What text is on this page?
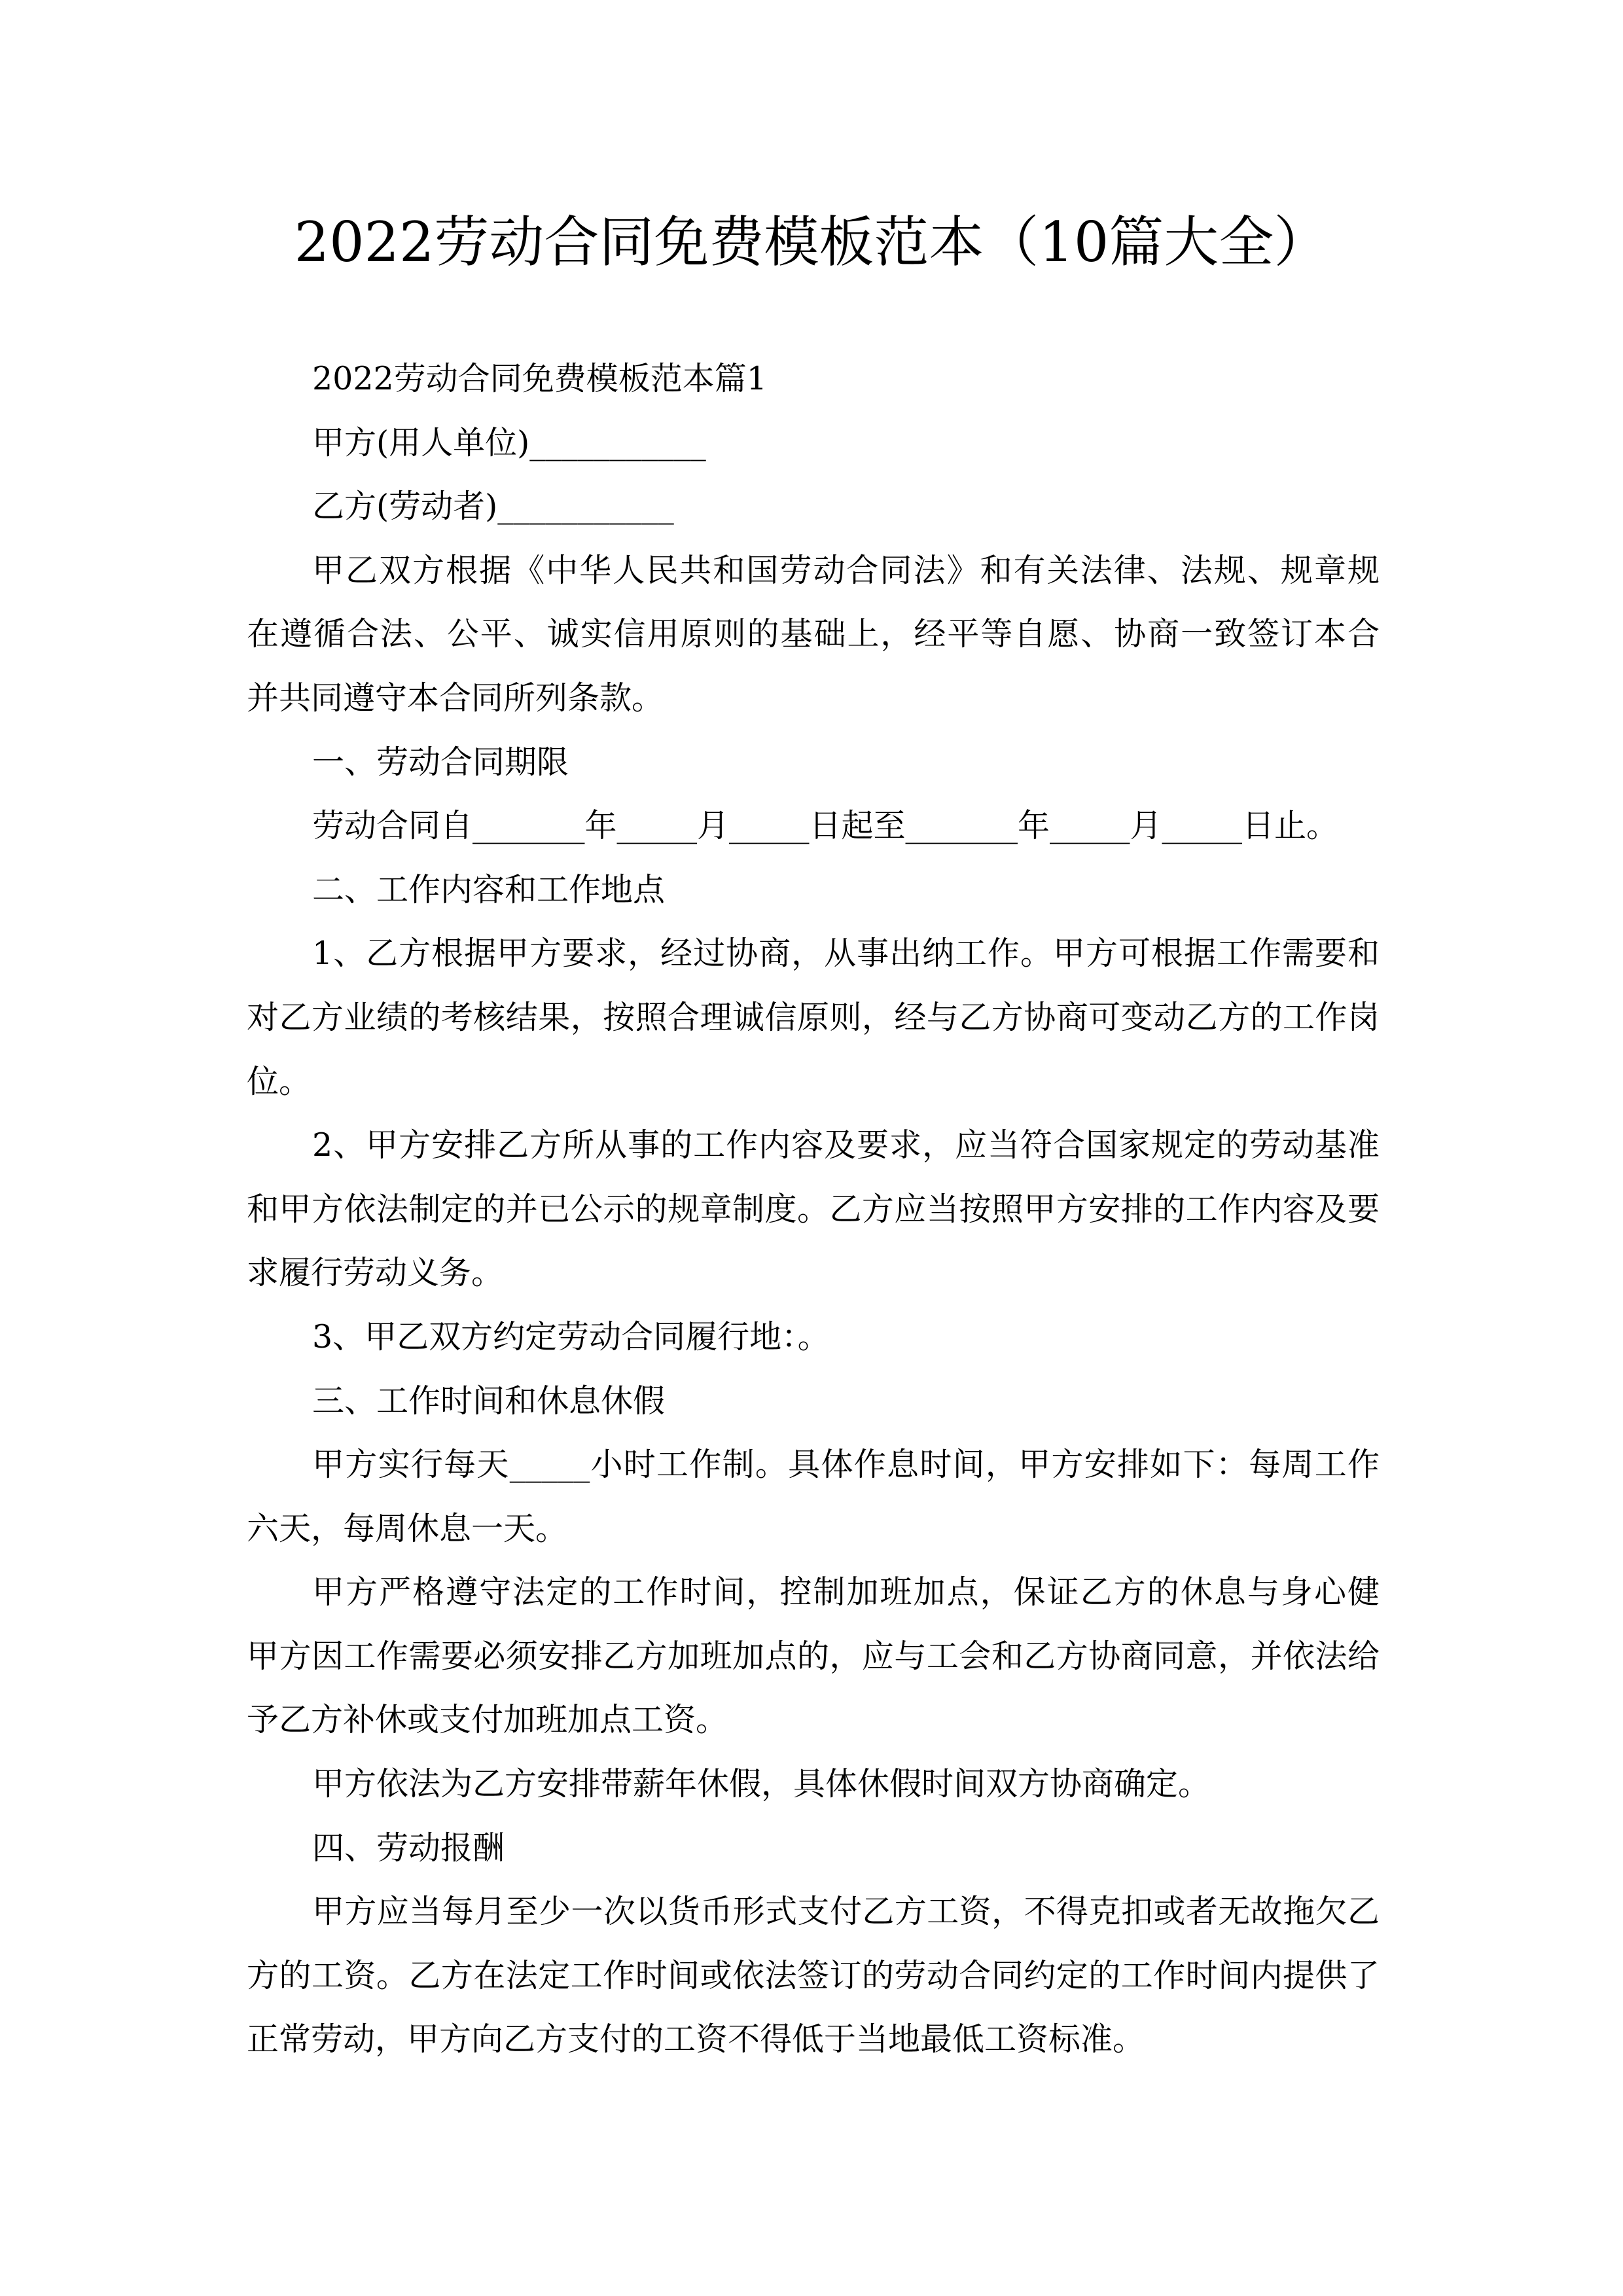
2022劳动合同免费模板范本（10篇大全）
2022劳动合同免费模板范本篇1
甲方(用人单位)___________
乙方(劳动者)___________
甲乙双方根据《中华人民共和国劳动合同法》和有关法律、法规、规章规
在遵循合法、公平、诚实信用原则的基础上，经平等自愿、协商一致签订本合
并共同遵守本合同所列条款。
一、劳动合同期限
劳动合同自_______年_____月_____日起至_______年_____月_____日止。
二、工作内容和工作地点
1、乙方根据甲方要求，经过协商，从事出纳工作。甲方可根据工作需要和
对乙方业绩的考核结果，按照合理诚信原则，经与乙方协商可变动乙方的工作岗
位。
2、甲方安排乙方所从事的工作内容及要求，应当符合国家规定的劳动基准
和甲方依法制定的并已公示的规章制度。乙方应当按照甲方安排的工作内容及要
求履行劳动义务。
3、甲乙双方约定劳动合同履行地：。
三、工作时间和休息休假
甲方实行每天_____小时工作制。具体作息时间，甲方安排如下：每周工作
六天，每周休息一天。
甲方严格遵守法定的工作时间，控制加班加点，保证乙方的休息与身心健
甲方因工作需要必须安排乙方加班加点的，应与工会和乙方协商同意，并依法给
予乙方补休或支付加班加点工资。
甲方依法为乙方安排带薪年休假，具体休假时间双方协商确定。
四、劳动报酬
甲方应当每月至少一次以货币形式支付乙方工资，不得克扣或者无故拖欠乙
方的工资。乙方在法定工作时间或依法签订的劳动合同约定的工作时间内提供了
正常劳动，甲方向乙方支付的工资不得低于当地最低工资标准。
